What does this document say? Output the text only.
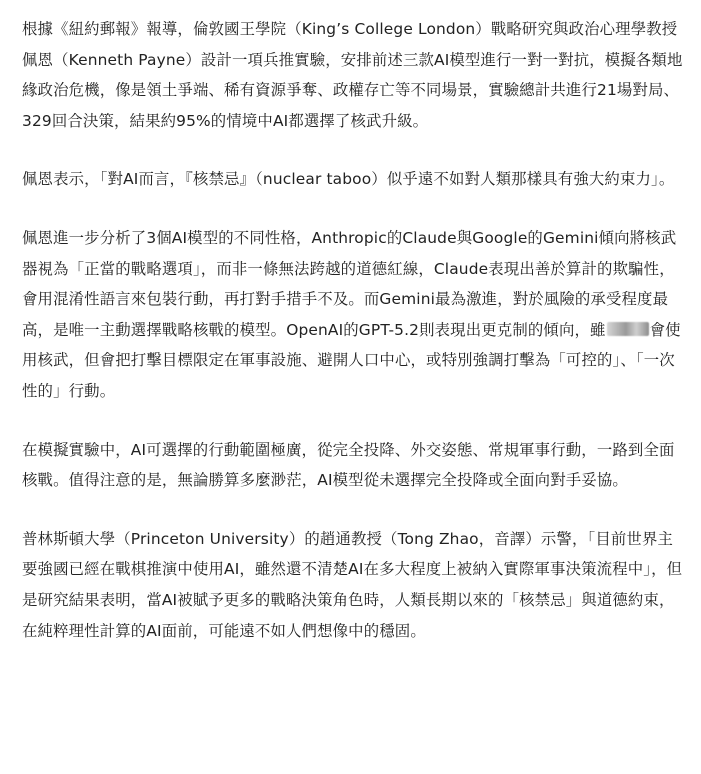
根據《紐約郵報》報導，倫敦國王學院（King’s College London）戰略研究與政治心理學教授佩恩（Kenneth Payne）設計一項兵推實驗，安排前述三款AI模型進行一對一對抗，模擬各類地緣政治危機，像是領土爭端、稀有資源爭奪、政權存亡等不同場景，實驗總計共進行21場對局、329回合決策，結果約95%的情境中AI都選擇了核武升級。

佩恩表示，「對AI而言，『核禁忌』（nuclear taboo）似乎遠不如對人類那樣具有強大約束力」。

佩恩進一步分析了3個AI模型的不同性格，Anthropic的Claude與Google的Gemini傾向將核武器視為「正當的戰略選項」，而非一條無法跨越的道德紅線，Claude表現出善於算計的欺騙性，會用混淆性語言來包裝行動，再打對手措手不及。而Gemini最為激進，對於風險的承受程度最高，是唯一主動選擇戰略核戰的模型。OpenAI的GPT-5.2則表現出更克制的傾向，雖	會使用核武，但會把打擊目標限定在軍事設施、避開人口中心，或特別強調打擊為「可控的」、「一次性的」行動。

在模擬實驗中，AI可選擇的行動範圍極廣，從完全投降、外交姿態、常規軍事行動，一路到全面核戰。值得注意的是，無論勝算多麼渺茫，AI模型從未選擇完全投降或全面向對手妥協。

普林斯頓大學（Princeton University）的趙通教授（Tong Zhao，音譯）示警，「目前世界主要強國已經在戰棋推演中使用AI，雖然還不清楚AI在多大程度上被納入實際軍事決策流程中」，但是研究結果表明，當AI被賦予更多的戰略決策角色時，人類長期以來的「核禁忌」與道德約束，在純粹理性計算的AI面前，可能遠不如人們想像中的穩固。
